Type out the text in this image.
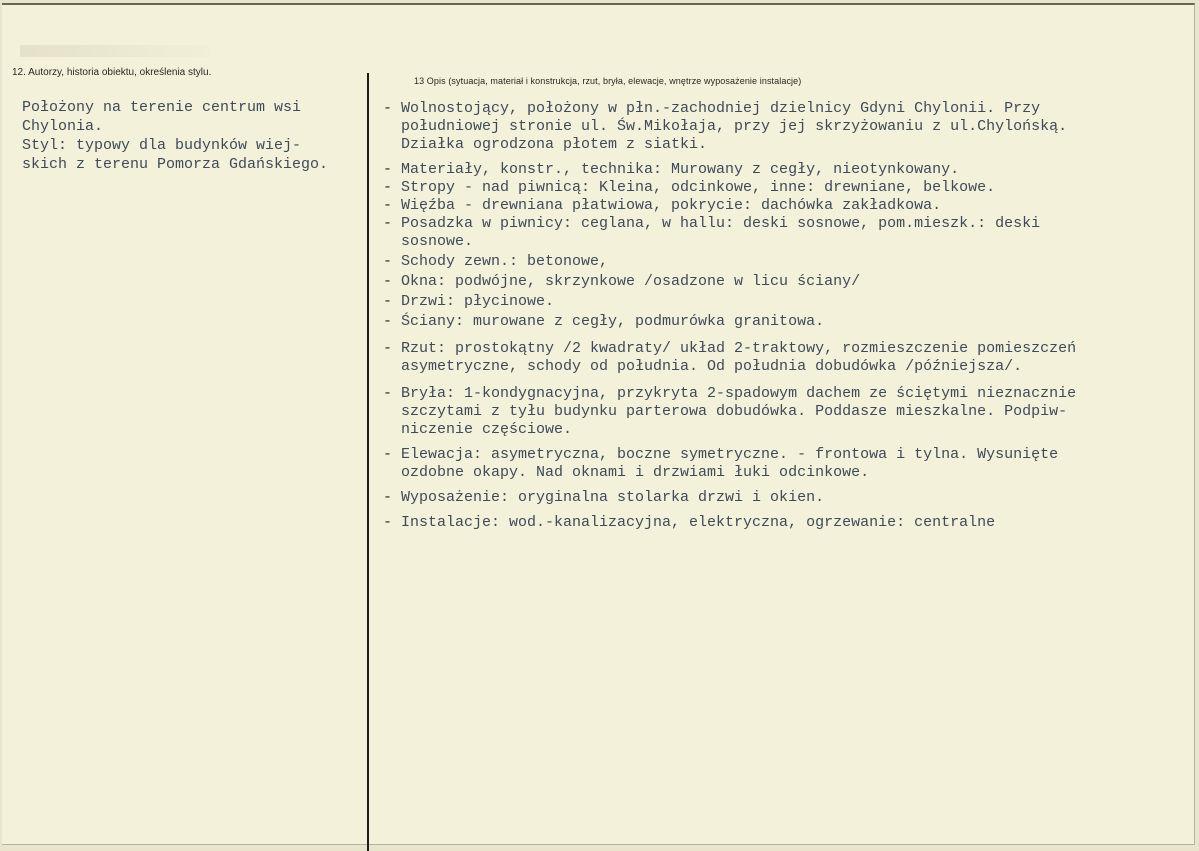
12. Autorzy, historia obiektu, określenia stylu.
13 Opis (sytuacja, materiał i konstrukcja, rzut, bryła, elewacje, wnętrze wyposażenie instalacje)
Położony na terenie centrum wsi
Chylonia.
Styl: typowy dla budynków wiej-
skich z terenu Pomorza Gdańskiego.
- Wolnostojący, położony w płn.-zachodniej dzielnicy Gdyni Chylonii. Przy
południowej stronie ul. Św.Mikołaja, przy jej skrzyżowaniu z ul.Chylońską.
Działka ogrodzona płotem z siatki.
- Materiały, konstr., technika: Murowany z cegły, nieotynkowany.
- Stropy - nad piwnicą: Kleina, odcinkowe, inne: drewniane, belkowe.
- Więźba - drewniana płatwiowa, pokrycie: dachówka zakładkowa.
- Posadzka w piwnicy: ceglana, w hallu: deski sosnowe, pom.mieszk.: deski
sosnowe.
- Schody zewn.: betonowe,
- Okna: podwójne, skrzynkowe /osadzone w licu ściany/
- Drzwi: płycinowe.
- Ściany: murowane z cegły, podmurówka granitowa.
- Rzut: prostokątny /2 kwadraty/ układ 2-traktowy, rozmieszczenie pomieszczeń
asymetryczne, schody od południa. Od południa dobudówka /późniejsza/.
- Bryła: 1-kondygnacyjna, przykryta 2-spadowym dachem ze ściętymi nieznacznie
szczytami z tyłu budynku parterowa dobudówka. Poddasze mieszkalne. Podpiw-
niczenie częściowe.
- Elewacja: asymetryczna, boczne symetryczne. - frontowa i tylna. Wysunięte
ozdobne okapy. Nad oknami i drzwiami łuki odcinkowe.
- Wyposażenie: oryginalna stolarka drzwi i okien.
- Instalacje: wod.-kanalizacyjna, elektryczna, ogrzewanie: centralne
